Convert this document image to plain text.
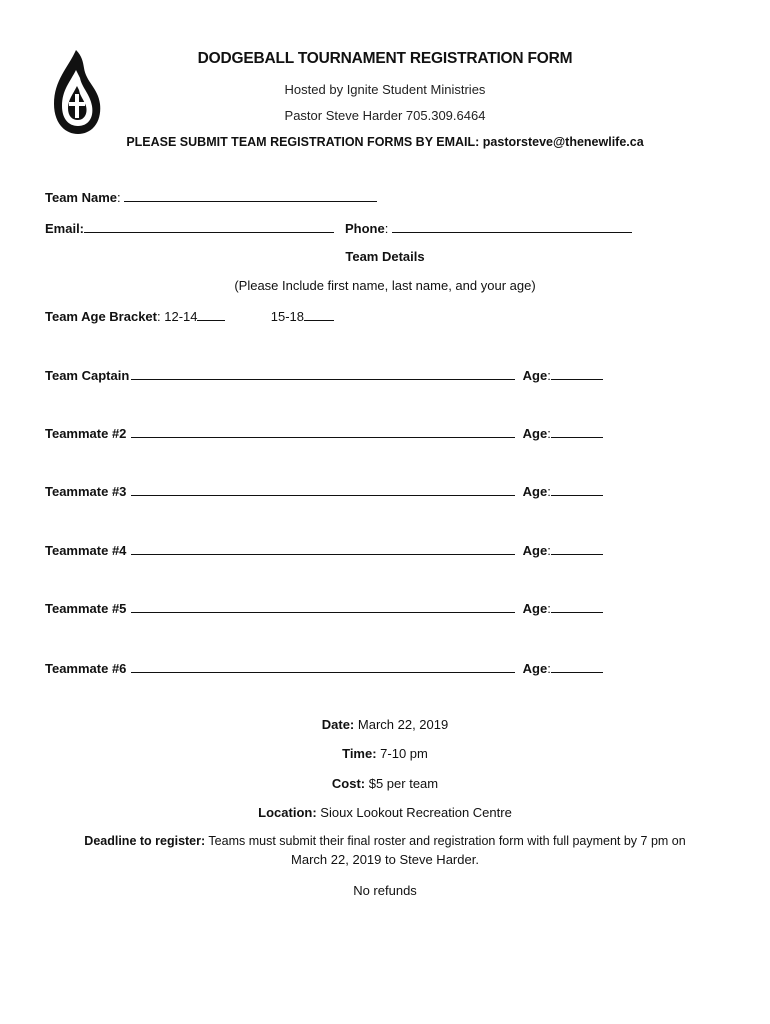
DODGEBALL TOURNAMENT REGISTRATION FORM
Hosted by Ignite Student Ministries
Pastor Steve Harder 705.309.6464
PLEASE SUBMIT TEAM REGISTRATION FORMS BY EMAIL: pastorsteve@thenewlife.ca
Team Name:
Email:	Phone:
Team Details
(Please Include first name, last name, and your age)
Team Age Bracket: 12-14	15-18
Team Captain	Age:
Teammate #2	Age:
Teammate #3	Age:
Teammate #4	Age:
Teammate #5	Age:
Teammate #6	Age:
Date: March 22, 2019
Time: 7-10 pm
Cost: $5 per team
Location: Sioux Lookout Recreation Centre
Deadline to register: Teams must submit their final roster and registration form with full payment by 7 pm on
March 22, 2019 to Steve Harder.
No refunds
